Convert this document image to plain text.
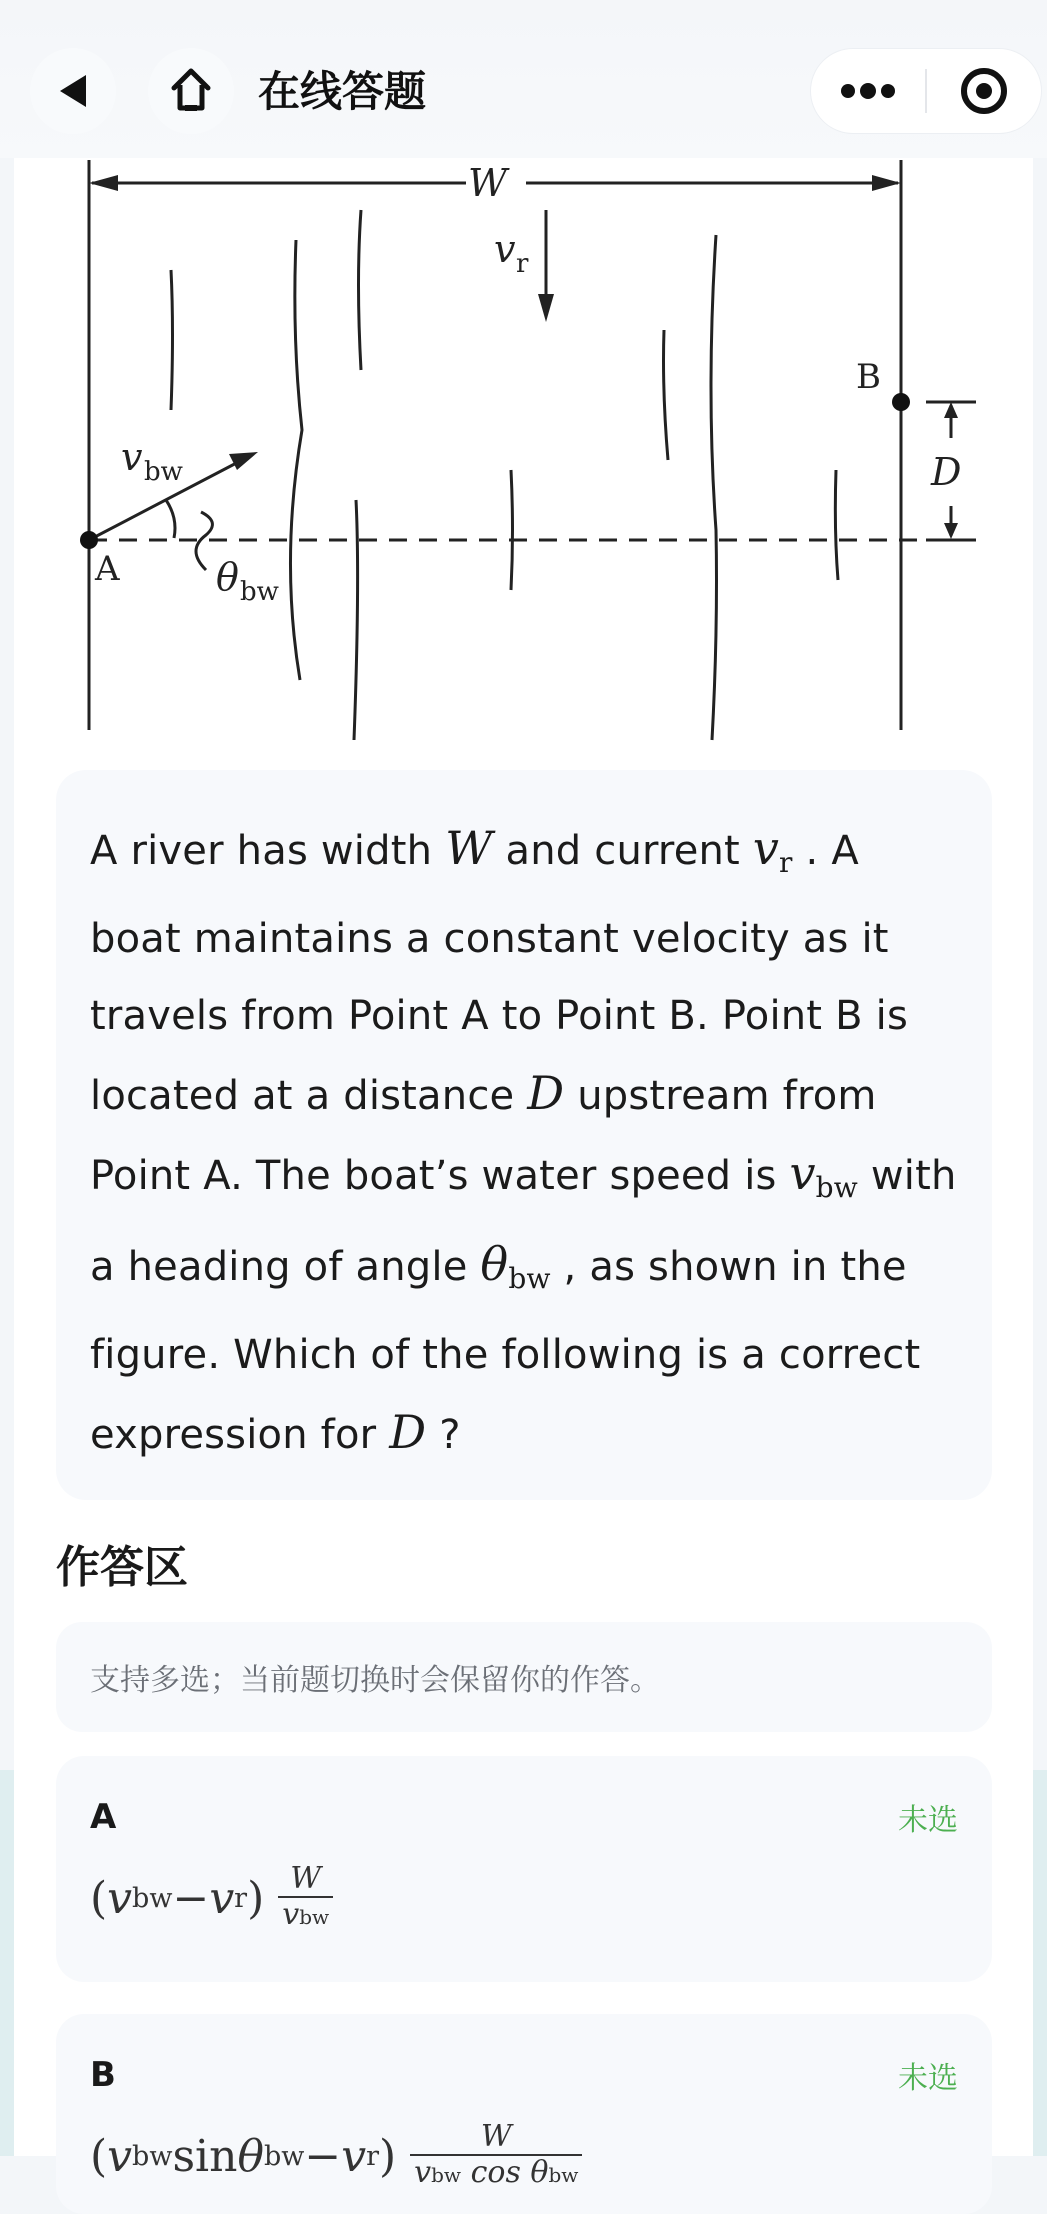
在线答题
W
v r
v bw
A	θ bw
B
D

A river has width W and current $v_r$ . A boat maintains a constant velocity as it travels from Point A to Point B. Point B is located at a distance D upstream from Point A. The boat’s water speed is $v_{bw}$ with a heading of angle $\theta_{bw}$ , as shown in the figure. Which of the following is a correct expression for D ?

作答区
支持多选；当前题切换时会保留你的作答。
A	未选
( v bw − v r ) $\frac{W}{\text{vbw}}$
B	未选
( v bw sin θ bw − v r ) $\frac{W}{\text{vbw cos θbw}}$
